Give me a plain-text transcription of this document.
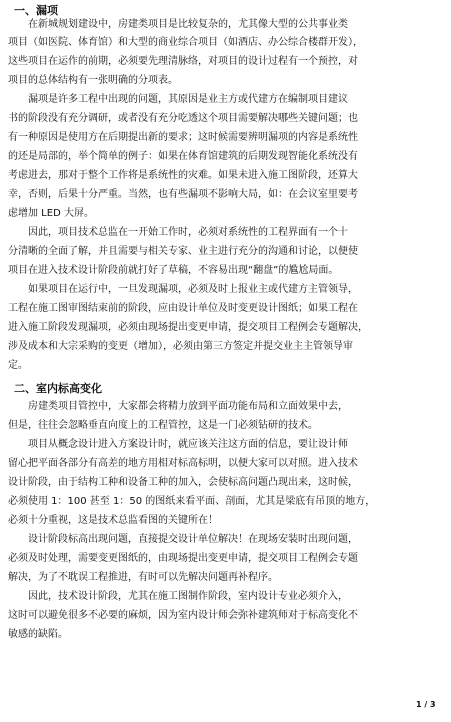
一、漏项
　　在新城规划建设中，房建类项目是比较复杂的，尤其像大型的公共事业类
项目（如医院、体育馆）和大型的商业综合项目（如酒店、办公综合楼群开发），
这些项目在运作的前期，必须要先理清脉络，对项目的设计过程有一个预控，对
项目的总体结构有一张明确的分项表。
　　漏项是许多工程中出现的问题，其原因是业主方或代建方在编制项目建议
书的阶段没有充分调研，或者没有充分吃透这个项目需要解决哪些关键问题；也
有一种原因是使用方在后期提出新的要求；这时候需要辨明漏项的内容是系统性
的还是局部的，举个简单的例子：如果在体育馆建筑的后期发现智能化系统没有
考虑进去，那对于整个工作将是系统性的灾难。如果未进入施工图阶段，还算大
幸，否则，后果十分严重。当然，也有些漏项不影响大局，如：在会议室里要考
虑增加 LED 大屏。
　　因此，项目技术总监在一开始工作时，必须对系统性的工程界面有一个十
分清晰的全面了解，并且需要与相关专家、业主进行充分的沟通和讨论，以便使
项目在进入技术设计阶段前就打好了草稿，不容易出现“翻盘”的尴尬局面。
　　如果项目在运行中，一旦发现漏项，必须及时上报业主或代建方主管领导，
工程在施工图审图结束前的阶段，应由设计单位及时变更设计图纸；如果工程在
进入施工阶段发现漏项，必须由现场提出变更申请，提交项目工程例会专题解决，
涉及成本和大宗采购的变更（增加），必须由第三方签定并提交业主主管领导审
定。
二、室内标高变化
　　房建类项目管控中，大家都会将精力放到平面功能布局和立面效果中去，
但是，往往会忽略垂直向度上的工程管控，这是一门必须钻研的技术。
　　项目从概念设计进入方案设计时，就应该关注这方面的信息，要让设计师
留心把平面各部分有高差的地方用相对标高标明，以便大家可以对照。进入技术
设计阶段，由于结构工种和设备工种的加入，会使标高问题凸现出来，这时候，
必须使用 1：100 甚至 1：50 的图纸来看平面、剖面，尤其是梁底有吊顶的地方，
必须十分重视，这是技术总监看图的关键所在！
　　设计阶段标高出现问题，直接提交设计单位解决！在现场安装时出现问题，
必须及时处理，需要变更图纸的，由现场提出变更申请，提交项目工程例会专题
解决，为了不耽误工程推进，有时可以先解决问题再补程序。
　　因此，技术设计阶段，尤其在施工图制作阶段，室内设计专业必须介入，
这时可以避免很多不必要的麻烦，因为室内设计师会弥补建筑师对于标高变化不
敏感的缺陷。
1 / 3
